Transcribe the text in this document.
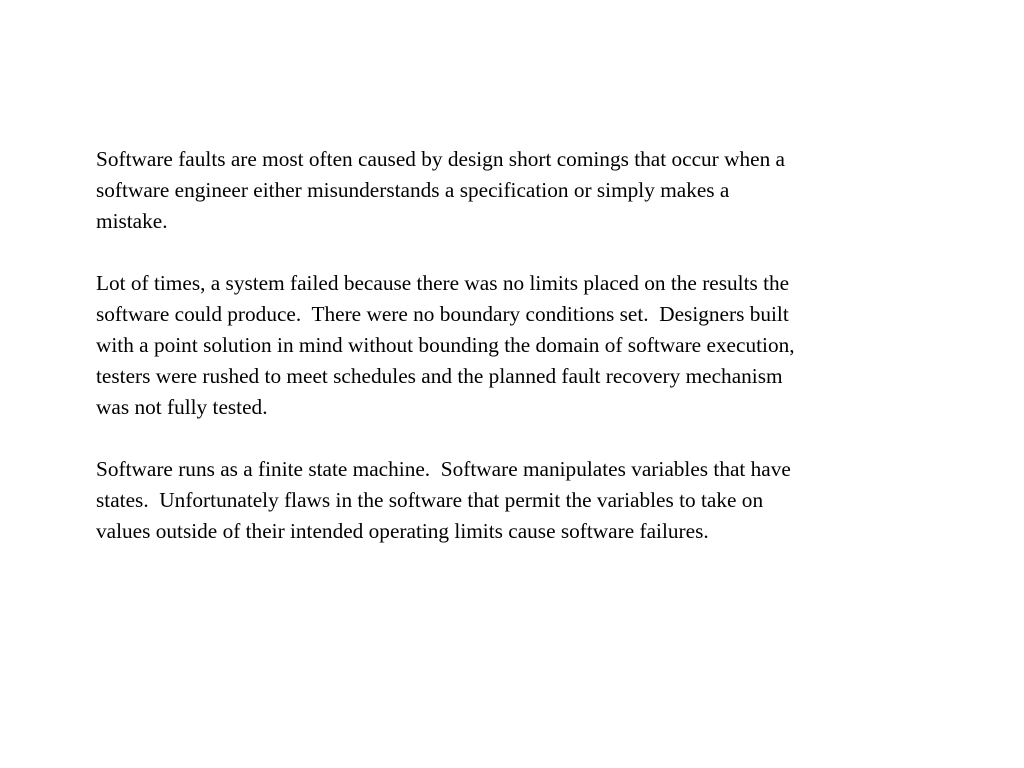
Software faults are most often caused by design short comings that occur when a
software engineer either misunderstands a specification or simply makes a
mistake.

Lot of times, a system failed because there was no limits placed on the results the
software could produce.  There were no boundary conditions set.  Designers built
with a point solution in mind without bounding the domain of software execution,
testers were rushed to meet schedules and the planned fault recovery mechanism
was not fully tested.

Software runs as a finite state machine.  Software manipulates variables that have
states.  Unfortunately flaws in the software that permit the variables to take on
values outside of their intended operating limits cause software failures.
